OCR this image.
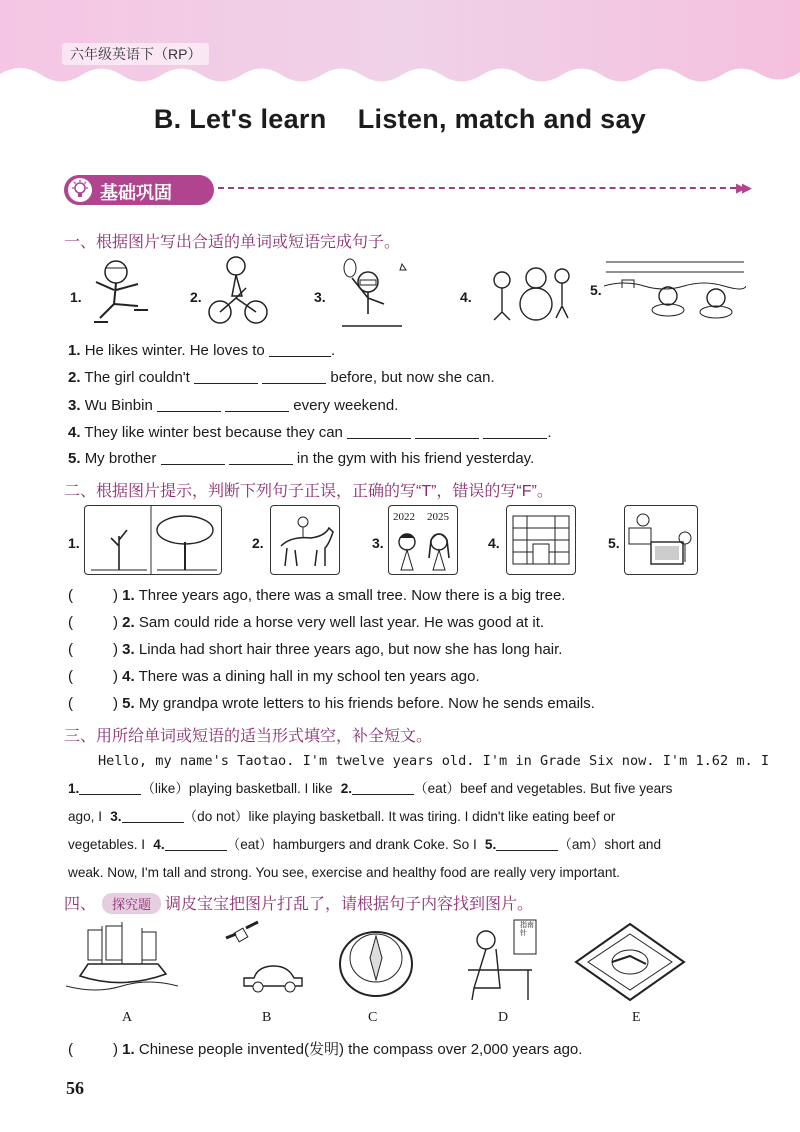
六年级英语下（RP）
B. Let's learn    Listen, match and say
基础巩固	▶▶
一、根据图片写出合适的单词或短语完成句子。
1.	2.	3.	4.	5.
1. He likes winter. He loves to	.
2. The girl couldn't	before, but now she can.
3. Wu Binbin	every weekend.
4. They like winter best because they can	.
5. My brother	in the gym with his friend yesterday.
二、根据图片提示，判断下列句子正误，正确的写“T”，错误的写“F”。
1.	2.	3.
2022 2025
4.	5.
(	) 1. Three years ago, there was a small tree. Now there is a big tree.
(	) 2. Sam could ride a horse very well last year. He was good at it.
(	) 3. Linda had short hair three years ago, but now she has long hair.
(	) 4. There was a dining hall in my school ten years ago.
(	) 5. My grandpa wrote letters to his friends before. Now he sends emails.
三、用所给单词或短语的适当形式填空，补全短文。
Hello, my name's Taotao. I'm twelve years old. I'm in Grade Six now. I'm 1.62 m. I
1.	（like）playing basketball. I like 2.	（eat）beef and vegetables. But five years
ago, I 3.	（do not）like playing basketball. It was tiring. I didn't like eating beef or
vegetables. I 4.	（eat）hamburgers and drank Coke. So I 5.	（am）short and
weak. Now, I'm tall and strong. You see, exercise and healthy food are really very important.
四、 探究题 调皮宝宝把图片打乱了，请根据句子内容找到图片。
指南针
A	B	C	D	E
(	) 1. Chinese people invented(发明) the compass over 2,000 years ago.
56
